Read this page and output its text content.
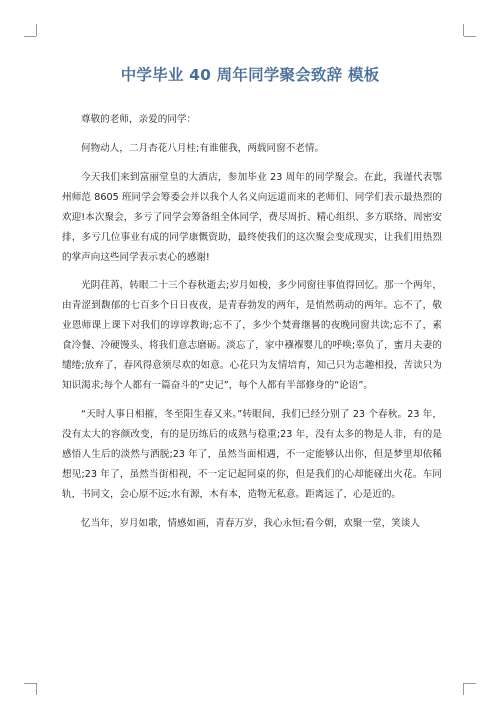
中学毕业 40 周年同学聚会致辞 模板

尊敬的老师，亲爱的同学：

何物动人，二月杏花八月桂;有谁催我，两载同窗不老情。

今天我们来到富丽堂皇的大酒店，参加毕业 23 周年的同学聚会。在此，我谨代表鄂州师范 8605 班同学会筹委会并以我个人名义向远道而来的老师们、同学们表示最热烈的欢迎!本次聚会，多亏了同学会筹备组全体同学，费尽周折、精心组织、多方联络、周密安排，多亏几位事业有成的同学康慨资助，最终使我们的这次聚会变成现实，让我们用热烈的掌声向这些同学表示衷心的感谢!

光阴荏苒，转眼二十三个春秋逝去;岁月如梭，多少同窗往事值得回忆。那一个两年，由青涩到馥郁的七百多个日日夜夜，是青春勃发的两年，是悄然萌动的两年。忘不了，敬业恩师课上课下对我们的谆谆教诲;忘不了，多少个焚膏继晷的夜晚同窗共读;忘不了，素食冷餐、冷硬馒头、将我们意志磨砺。淡忘了，家中襁褓婴儿的呼唤;辜负了，蜜月夫妻的缱绻;放弃了，春风得意须尽欢的如意。心花只为友情培育，知己只为志趣相投，苦读只为知识渴求;每个人都有一篇奋斗的“史记”，每个人都有半部修身的“论语”。

“天时人事日相摧，冬至阳生春又来。”转眼间，我们已经分别了 23 个春秋。23 年，没有太大的容颜改变，有的是历练后的成熟与稳重;23 年，没有太多的物是人非，有的是感悟人生后的淡然与洒脱;23 年了，虽然当面相遇，不一定能够认出你，但是梦里却依稀想见;23 年了，虽然当街相视，不一定记起同桌的你，但是我们的心却能碰出火花。车同轨，书同文，会心原不远;水有源，木有本，造物无私意。距离远了，心是近的。

忆当年，岁月如歌，情感如画，青春万岁，我心永恒;看今朝，欢聚一堂，笑谈人
